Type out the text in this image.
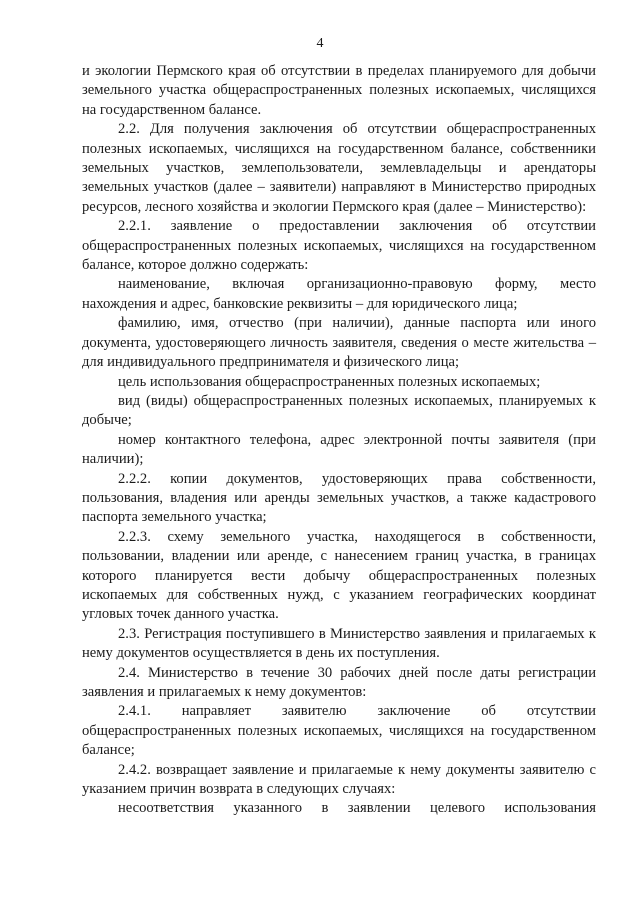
4

и экологии Пермского края об отсутствии в пределах планируемого для добычи земельного участка общераспространенных полезных ископаемых, числящихся на государственном балансе.

2.2. Для получения заключения об отсутствии общераспространенных полезных ископаемых, числящихся на государственном балансе, собственники земельных участков, землепользователи, землевладельцы и арендаторы земельных участков (далее – заявители) направляют в Министерство природных ресурсов, лесного хозяйства и экологии Пермского края (далее – Министерство):

2.2.1. заявление о предоставлении заключения об отсутствии общераспространенных полезных ископаемых, числящихся на государственном балансе, которое должно содержать:

наименование, включая организационно-правовую форму, место нахождения и адрес, банковские реквизиты – для юридического лица;

фамилию, имя, отчество (при наличии), данные паспорта или иного документа, удостоверяющего личность заявителя, сведения о месте жительства – для индивидуального предпринимателя и физического лица;

цель использования общераспространенных полезных ископаемых;

вид (виды) общераспространенных полезных ископаемых, планируемых к добыче;

номер контактного телефона, адрес электронной почты заявителя (при наличии);

2.2.2. копии документов, удостоверяющих права собственности, пользования, владения или аренды земельных участков, а также кадастрового паспорта земельного участка;

2.2.3. схему земельного участка, находящегося в собственности, пользовании, владении или аренде, с нанесением границ участка, в границах которого планируется вести добычу общераспространенных полезных ископаемых для собственных нужд, с указанием географических координат угловых точек данного участка.

2.3. Регистрация поступившего в Министерство заявления и прилагаемых к нему документов осуществляется в день их поступления.

2.4. Министерство в течение 30 рабочих дней после даты регистрации заявления и прилагаемых к нему документов:

2.4.1. направляет заявителю заключение об отсутствии общераспространенных полезных ископаемых, числящихся на государственном балансе;

2.4.2. возвращает заявление и прилагаемые к нему документы заявителю с указанием причин возврата в следующих случаях:

несоответствия указанного в заявлении целевого использования
